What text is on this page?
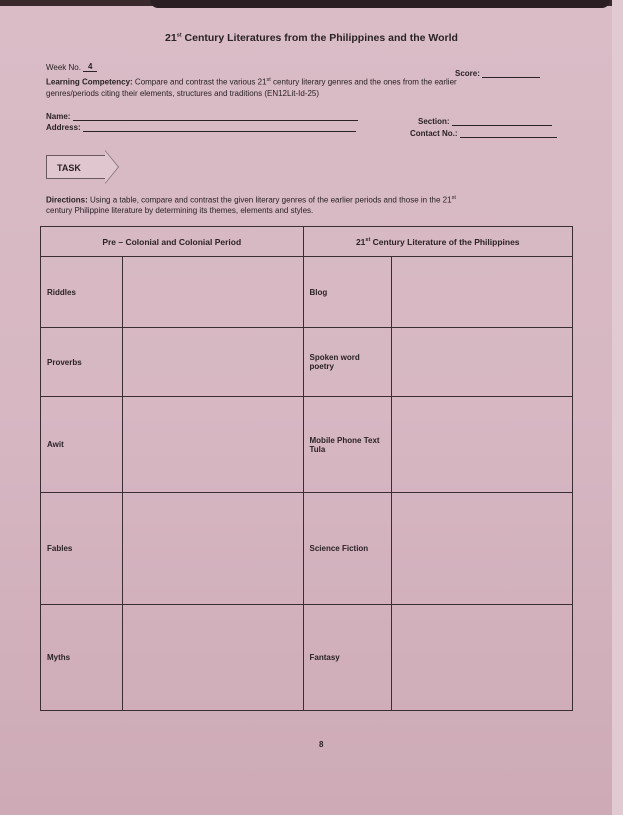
21st Century Literatures from the Philippines and the World
Week No. 4
Score:
Learning Competency: Compare and contrast the various 21st century literary genres and the ones from the earlier
genres/periods citing their elements, structures and traditions (EN12Lit-Id-25)
Name:
Address:
Section:
Contact No.:
TASK
Directions: Using a table, compare and contrast the given literary genres of the earlier periods and those in the 21st
century Philippine literature by determining its themes, elements and styles.
Pre – Colonial and Colonial Period		21st Century Literature of the Philippines	
Riddles		Blog	
Proverbs		Spoken word poetry	
Awit		Mobile Phone Text Tula	
Fables		Science Fiction	
Myths		Fantasy	
8
